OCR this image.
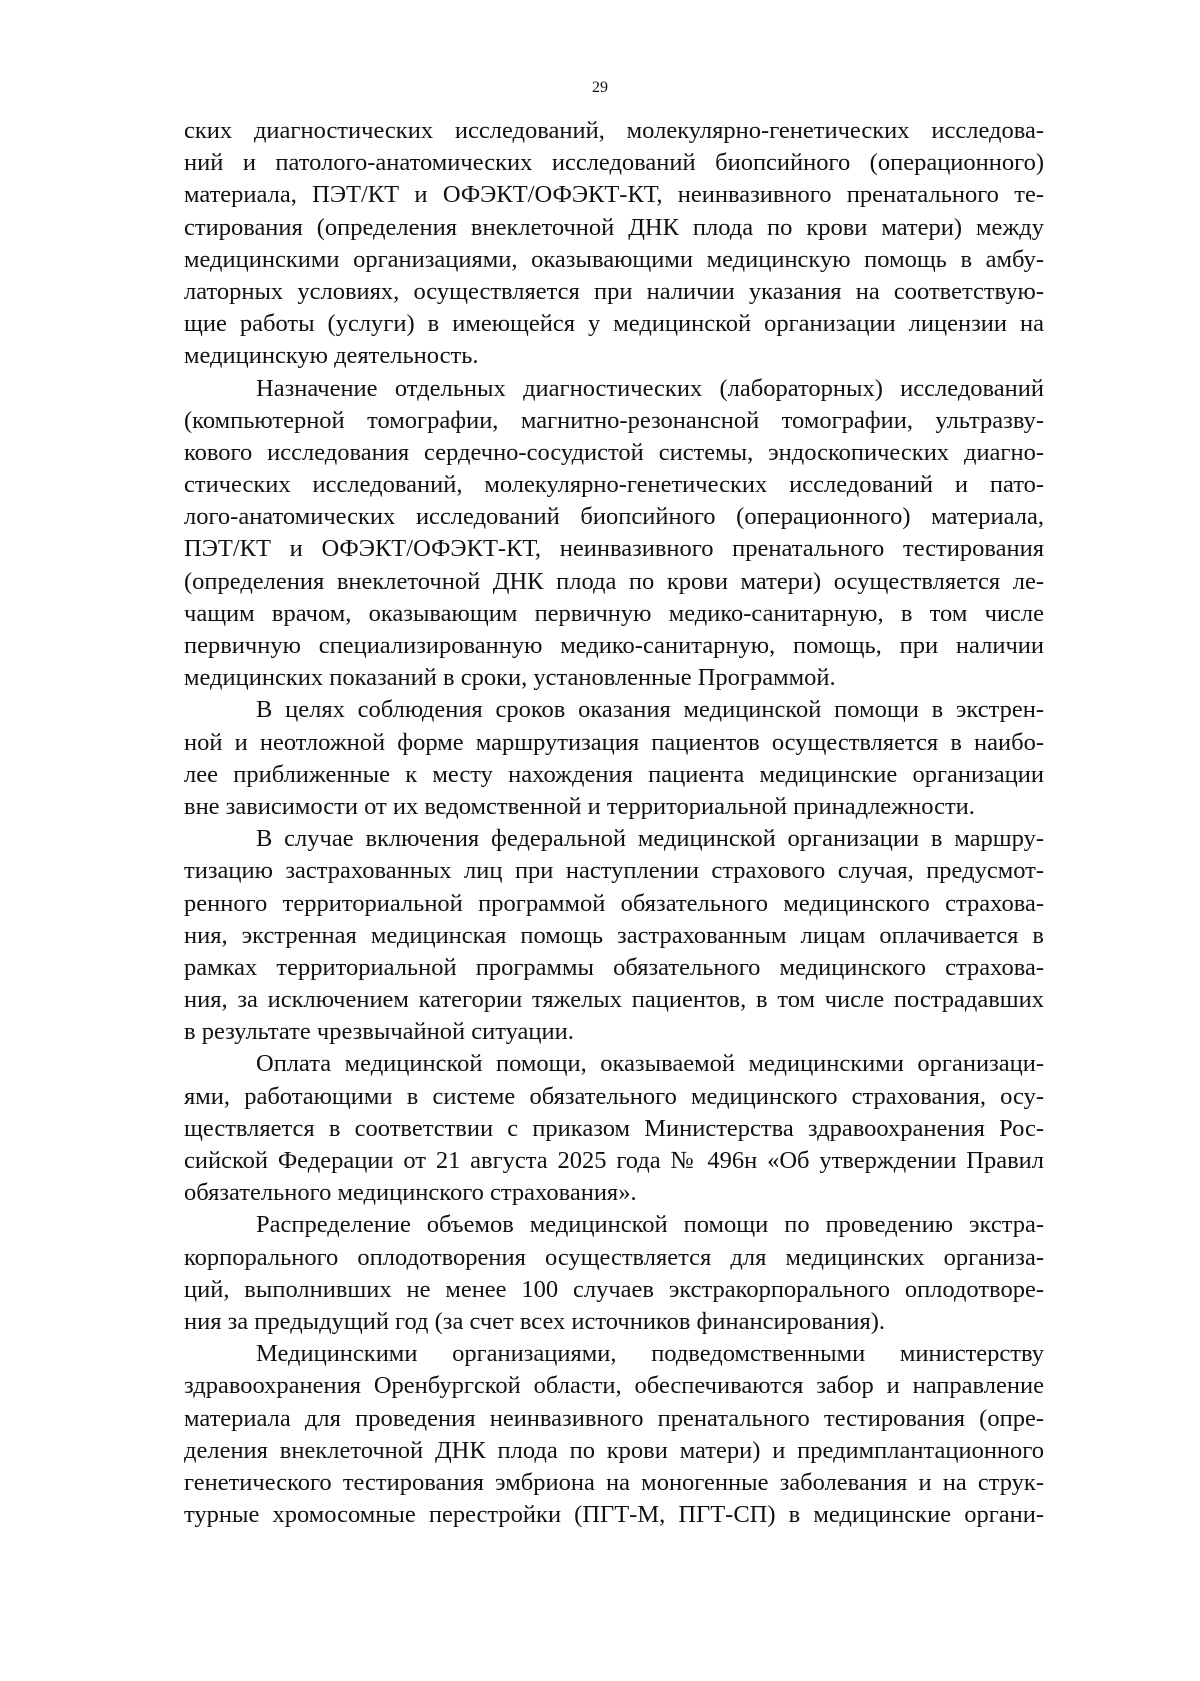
29
ских диагностических исследований, молекулярно-генетических исследова-
ний и патолого-анатомических исследований биопсийного (операционного)
материала, ПЭТ/КТ и ОФЭКТ/ОФЭКТ-КТ, неинвазивного пренатального те-
стирования (определения внеклеточной ДНК плода по крови матери) между
медицинскими организациями, оказывающими медицинскую помощь в амбу-
латорных условиях, осуществляется при наличии указания на соответствую-
щие работы (услуги) в имеющейся у медицинской организации лицензии на
медицинскую деятельность.
Назначение отдельных диагностических (лабораторных) исследований
(компьютерной томографии, магнитно-резонансной томографии, ультразву-
кового исследования сердечно-сосудистой системы, эндоскопических диагно-
стических исследований, молекулярно-генетических исследований и пато-
лого-анатомических исследований биопсийного (операционного) материала,
ПЭТ/КТ и ОФЭКТ/ОФЭКТ-КТ, неинвазивного пренатального тестирования
(определения внеклеточной ДНК плода по крови матери) осуществляется ле-
чащим врачом, оказывающим первичную медико-санитарную, в том числе
первичную специализированную медико-санитарную, помощь, при наличии
медицинских показаний в сроки, установленные Программой.
В целях соблюдения сроков оказания медицинской помощи в экстрен-
ной и неотложной форме маршрутизация пациентов осуществляется в наибо-
лее приближенные к месту нахождения пациента медицинские организации
вне зависимости от их ведомственной и территориальной принадлежности.
В случае включения федеральной медицинской организации в маршру-
тизацию застрахованных лиц при наступлении страхового случая, предусмот-
ренного территориальной программой обязательного медицинского страхова-
ния, экстренная медицинская помощь застрахованным лицам оплачивается в
рамках территориальной программы обязательного медицинского страхова-
ния, за исключением категории тяжелых пациентов, в том числе пострадавших
в результате чрезвычайной ситуации.
Оплата медицинской помощи, оказываемой медицинскими организаци-
ями, работающими в системе обязательного медицинского страхования, осу-
ществляется в соответствии с приказом Министерства здравоохранения Рос-
сийской Федерации от 21 августа 2025 года № 496н «Об утверждении Правил
обязательного медицинского страхования».
Распределение объемов медицинской помощи по проведению экстра-
корпорального оплодотворения осуществляется для медицинских организа-
ций, выполнивших не менее 100 случаев экстракорпорального оплодотворе-
ния за предыдущий год (за счет всех источников финансирования).
Медицинскими организациями, подведомственными министерству
здравоохранения Оренбургской области, обеспечиваются забор и направление
материала для проведения неинвазивного пренатального тестирования (опре-
деления внеклеточной ДНК плода по крови матери) и предимплантационного
генетического тестирования эмбриона на моногенные заболевания и на струк-
турные хромосомные перестройки (ПГТ-М, ПГТ-СП) в медицинские органи-
